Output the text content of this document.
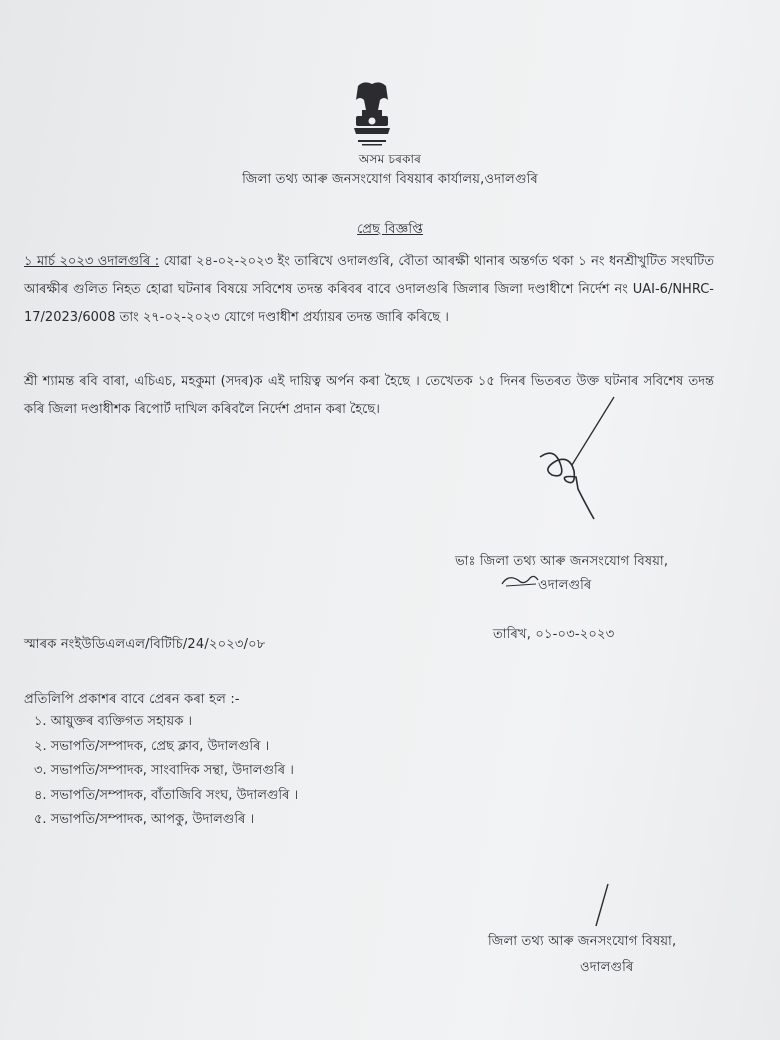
অসম চৰকাৰ
জিলা তথ্য আৰু জনসংযোগ বিষয়াৰ কাৰ্যালয়,ওদালগুৰি
প্ৰেছ বিজ্ঞপ্তি
১ মাৰ্চ ২০২৩ ওদালগুৰি : যোৱা ২৪-০২-২০২৩ ইং তাৰিখে ওদালগুৰি, বৌতা আৰক্ষী থানাৰ অন্তৰ্গত থকা ১ নং ধনশ্ৰীখুটিত সংঘটিত আৰক্ষীৰ গুলিত নিহত হোৱা ঘটনাৰ বিষয়ে সবিশেষ তদন্ত কৰিবৰ বাবে ওদালগুৰি জিলাৰ জিলা দণ্ডাধীশে নিৰ্দেশ নং UAI-6/NHRC-17/2023/6008 তাং ২৭-০২-২০২৩ যোগে দণ্ডাধীশ প্ৰৰ্য্যায়ৰ তদন্ত জাৰি কৰিছে ।
শ্ৰী শ্যামন্ত ৰবি বাৰা, এচিএচ, মহকুমা (সদৰ)ক এই দায়িত্ব অৰ্পন কৰা হৈছে । তেখেতক ১৫ দিনৰ ভিতৰত উক্ত ঘটনাৰ সবিশেষ তদন্ত কৰি জিলা দণ্ডাধীশক ৰিপোৰ্ট দাখিল কৰিবলৈ নিৰ্দেশ প্ৰদান কৰা হৈছে।
ভাঃ জিলা তথ্য আৰু জনসংযোগ বিষয়া,
ওদালগুৰি
তাৰিখ, ০১-০৩-২০২৩
স্মাৰক নংইউডিএলএল/বিটিচি/24/২০২৩/০৮
প্ৰতিলিপি প্ৰকাশৰ বাবে প্ৰেৰন কৰা হল :-
১. আয়ুক্তৰ ব্যক্তিগত সহায়ক ।
২. সভাপতি/সম্পাদক, প্ৰেছ ক্লাব, উদালগুৰি ।
৩. সভাপতি/সম্পাদক, সাংবাদিক সন্থা, উদালগুৰি ।
৪. সভাপতি/সম্পাদক, বাঁতাজিবি সংঘ, উদালগুৰি ।
৫. সভাপতি/সম্পাদক, আপকু, উদালগুৰি ।
জিলা তথ্য আৰু জনসংযোগ বিষয়া,
ওদালগুৰি
